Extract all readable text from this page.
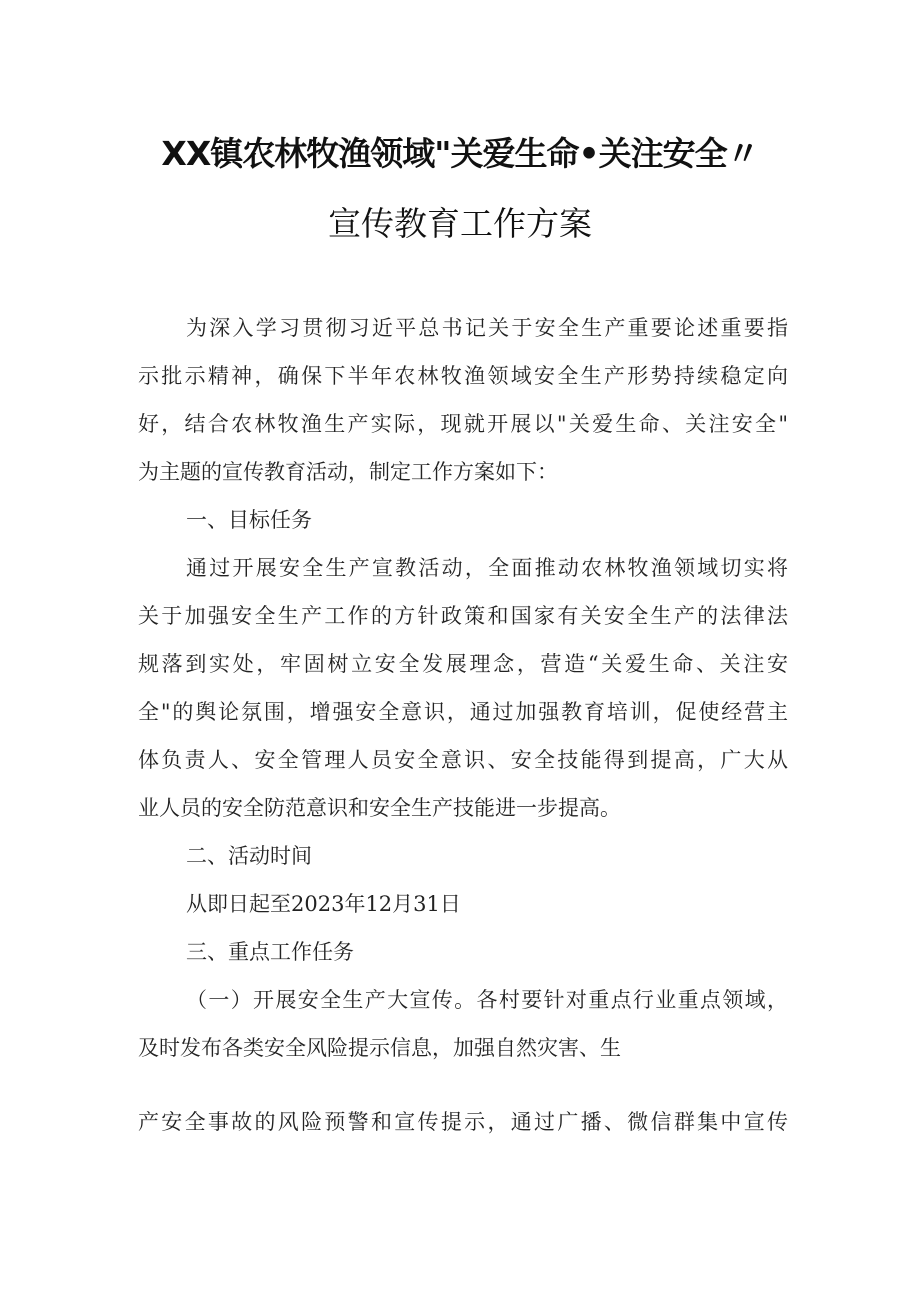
XX镇农林牧渔领域"关爱生命•关注安全〃
宣传教育工作方案
为深入学习贯彻习近平总书记关于安全生产重要论述重要指
示批示精神，确保下半年农林牧渔领域安全生产形势持续稳定向
好，结合农林牧渔生产实际，现就开展以"关爱生命、关注安全"
为主题的宣传教育活动，制定工作方案如下：
一、目标任务
通过开展安全生产宣教活动，全面推动农林牧渔领域切实将
关于加强安全生产工作的方针政策和国家有关安全生产的法律法
规落到实处，牢固树立安全发展理念，营造“关爱生命、关注安
全"的舆论氛围，增强安全意识，通过加强教育培训，促使经营主
体负责人、安全管理人员安全意识、安全技能得到提高，广大从
业人员的安全防范意识和安全生产技能进一步提高。
二、活动时间
从即日起至2023年12月31日
三、重点工作任务
（一）开展安全生产大宣传。各村要针对重点行业重点领域，
及时发布各类安全风险提示信息，加强自然灾害、生
产安全事故的风险预警和宣传提示，通过广播、微信群集中宣传
